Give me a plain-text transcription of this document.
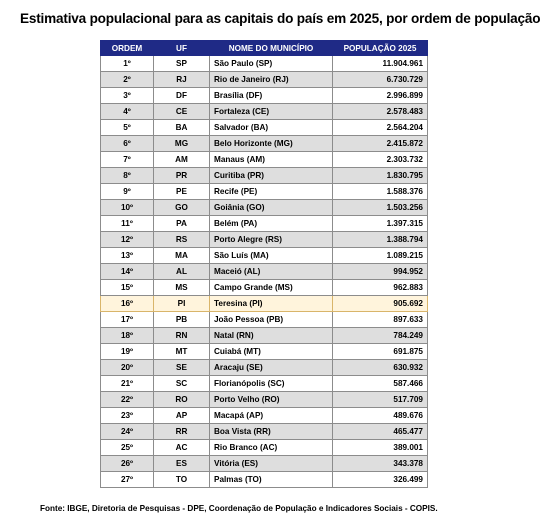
Estimativa populacional para as capitais do país em 2025, por ordem de população
ORDEM	UF	NOME DO MUNICÍPIO	POPULAÇÃO 2025
1º	SP	São Paulo (SP)	11.904.961
2º	RJ	Rio de Janeiro (RJ)	6.730.729
3º	DF	Brasília (DF)	2.996.899
4º	CE	Fortaleza (CE)	2.578.483
5º	BA	Salvador (BA)	2.564.204
6º	MG	Belo Horizonte (MG)	2.415.872
7º	AM	Manaus (AM)	2.303.732
8º	PR	Curitiba (PR)	1.830.795
9º	PE	Recife (PE)	1.588.376
10º	GO	Goiânia (GO)	1.503.256
11º	PA	Belém (PA)	1.397.315
12º	RS	Porto Alegre (RS)	1.388.794
13º	MA	São Luís (MA)	1.089.215
14º	AL	Maceió (AL)	994.952
15º	MS	Campo Grande (MS)	962.883
16º	PI	Teresina (PI)	905.692
17º	PB	João Pessoa (PB)	897.633
18º	RN	Natal (RN)	784.249
19º	MT	Cuiabá (MT)	691.875
20º	SE	Aracaju (SE)	630.932
21º	SC	Florianópolis (SC)	587.466
22º	RO	Porto Velho (RO)	517.709
23º	AP	Macapá (AP)	489.676
24º	RR	Boa Vista (RR)	465.477
25º	AC	Rio Branco (AC)	389.001
26º	ES	Vitória (ES)	343.378
27º	TO	Palmas (TO)	326.499
Fonte: IBGE, Diretoria de Pesquisas - DPE, Coordenação de População e Indicadores Sociais - COPIS.
